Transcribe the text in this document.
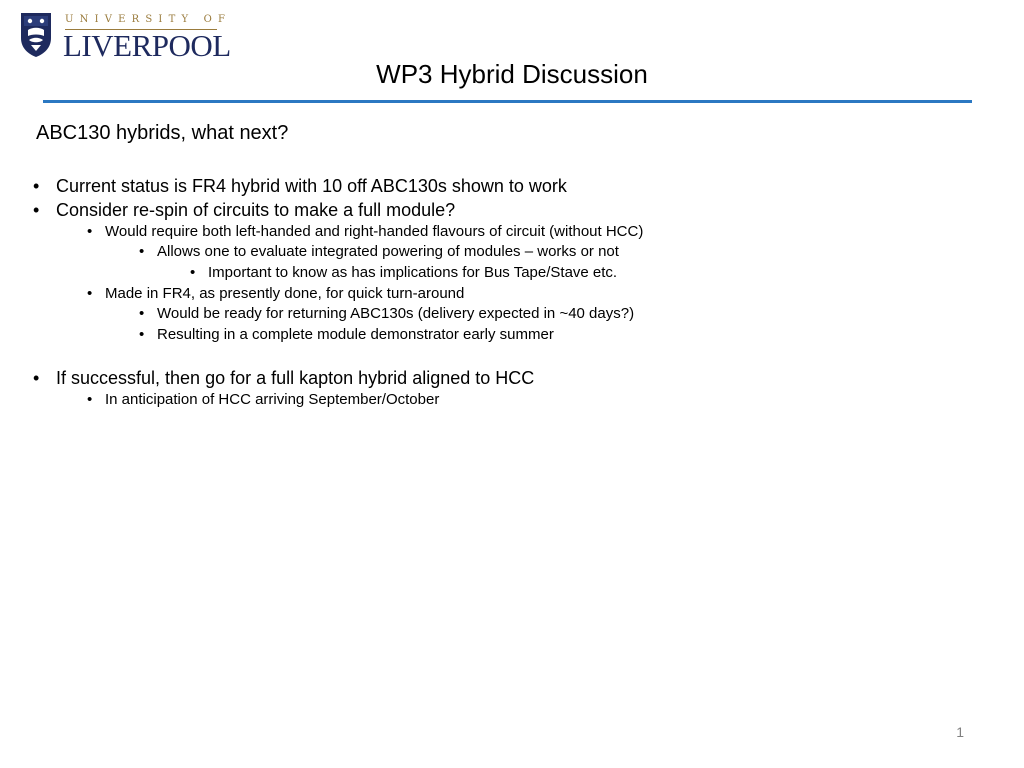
UNIVERSITY OF
LIVERPOOL
WP3 Hybrid Discussion
ABC130 hybrids, what next?
• Current status is FR4 hybrid with 10 off ABC130s shown to work
• Consider re-spin of circuits to make a full module?
• Would require both left-handed and right-handed flavours of circuit (without HCC)
• Allows one to evaluate integrated powering of modules – works or not
• Important to know as has implications for Bus Tape/Stave etc.
• Made in FR4, as presently done, for quick turn-around
• Would be ready for returning ABC130s (delivery expected in ~40 days?)
• Resulting in a complete module demonstrator early summer
• If successful, then go for a full kapton hybrid aligned to HCC
• In anticipation of HCC arriving September/October
1
